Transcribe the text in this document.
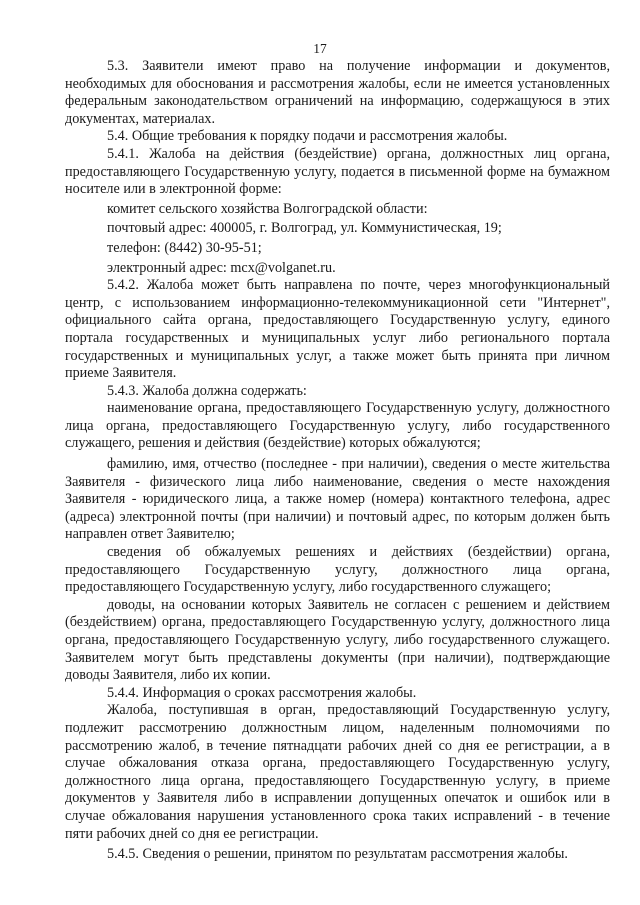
17

5.3. Заявители имеют право на получение информации и документов, необходимых для обоснования и рассмотрения жалобы, если не имеется установленных федеральным законодательством ограничений на информацию, содержащуюся в этих документах, материалах.

5.4. Общие требования к порядку подачи и рассмотрения жалобы.

5.4.1. Жалоба на действия (бездействие) органа, должностных лиц органа, предоставляющего Государственную услугу, подается в письменной форме на бумажном носителе или в электронной форме:

комитет сельского хозяйства Волгоградской области:

почтовый адрес: 400005, г. Волгоград, ул. Коммунистическая, 19;

телефон: (8442) 30-95-51;

электронный адрес: mcx@volganet.ru.

5.4.2. Жалоба может быть направлена по почте, через многофункциональный центр, с использованием информационно-телекоммуникационной сети "Интернет", официального сайта органа, предоставляющего Государственную услугу, единого портала государственных и муниципальных услуг либо регионального портала государственных и муниципальных услуг, а также может быть принята при личном приеме Заявителя.

5.4.3. Жалоба должна содержать:

наименование органа, предоставляющего Государственную услугу, должностного лица органа, предоставляющего Государственную услугу, либо государственного служащего, решения и действия (бездействие) которых обжалуются;

фамилию, имя, отчество (последнее - при наличии), сведения о месте жительства Заявителя - физического лица либо наименование, сведения о месте нахождения Заявителя - юридического лица, а также номер (номера) контактного телефона, адрес (адреса) электронной почты (при наличии) и почтовый адрес, по которым должен быть направлен ответ Заявителю;

сведения об обжалуемых решениях и действиях (бездействии) органа, предоставляющего Государственную услугу, должностного лица органа, предоставляющего Государственную услугу, либо государственного служащего;

доводы, на основании которых Заявитель не согласен с решением и действием (бездействием) органа, предоставляющего Государственную услугу, должностного лица органа, предоставляющего Государственную услугу, либо государственного служащего. Заявителем могут быть представлены документы (при наличии), подтверждающие доводы Заявителя, либо их копии.

5.4.4. Информация о сроках рассмотрения жалобы.

Жалоба, поступившая в орган, предоставляющий Государственную услугу, подлежит рассмотрению должностным лицом, наделенным полномочиями по рассмотрению жалоб, в течение пятнадцати рабочих дней со дня ее регистрации, а в случае обжалования отказа органа, предоставляющего Государственную услугу, должностного лица органа, предоставляющего Государственную услугу, в приеме документов у Заявителя либо в исправлении допущенных опечаток и ошибок или в случае обжалования нарушения установленного срока таких исправлений - в течение пяти рабочих дней со дня ее регистрации.

5.4.5. Сведения о решении, принятом по результатам рассмотрения жалобы.
